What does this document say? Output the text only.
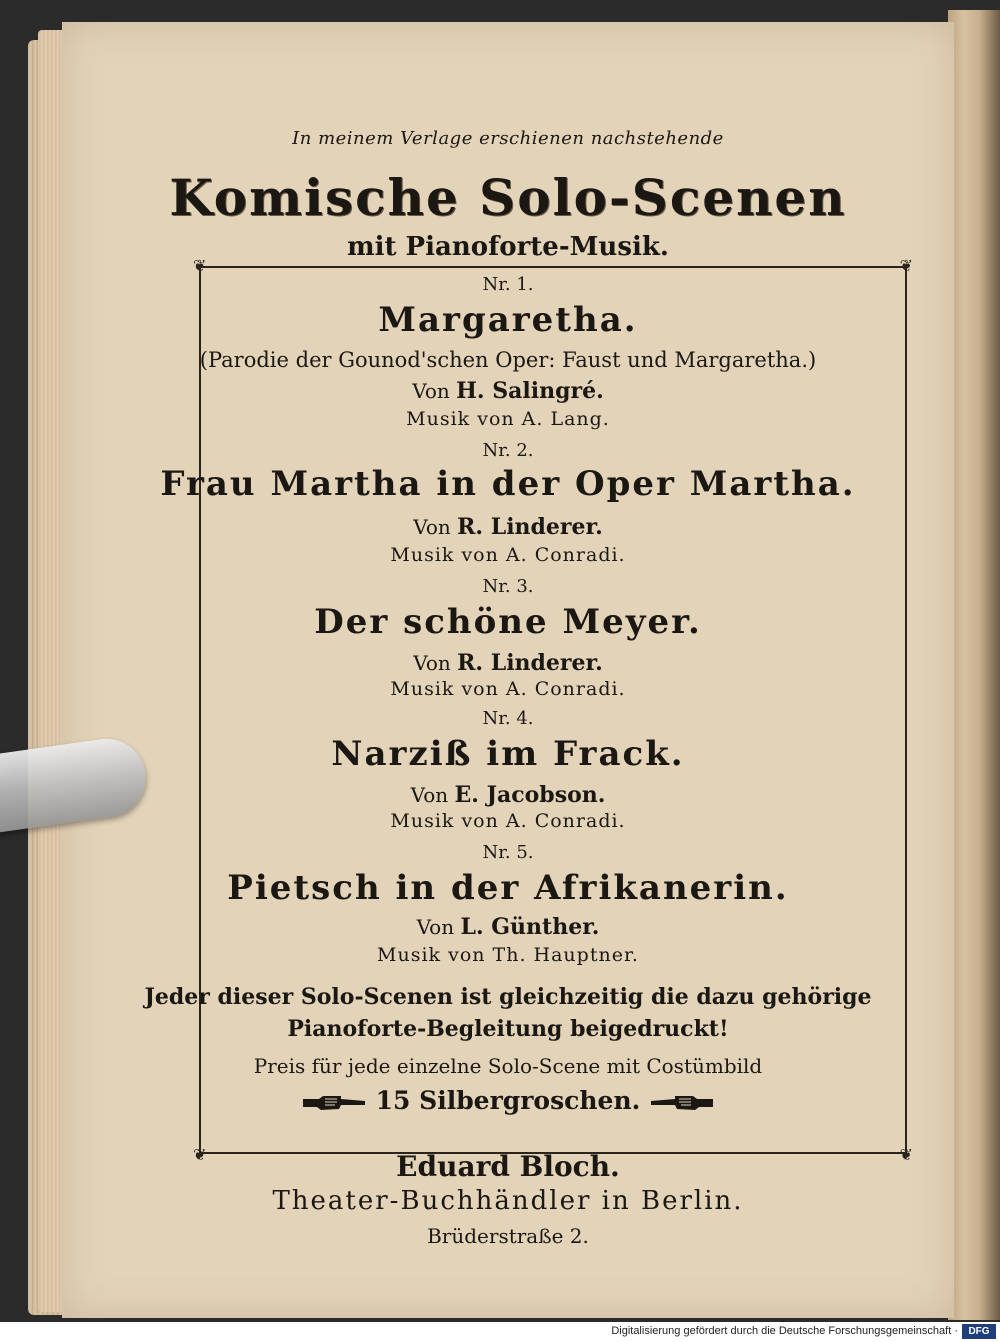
In meinem Verlage erschienen nachstehende
Komische Solo-Scenen
mit Pianoforte-Musik.
❦	❦
❦	❦
Nr. 1.
Margaretha.
(Parodie der Gounod'schen Oper: Faust und Margaretha.)
Von H. Salingré.
Musik von A. Lang.
Nr. 2.
Frau Martha in der Oper Martha.
Von R. Linderer.
Musik von A. Conradi.
Nr. 3.
Der schöne Meyer.
Von R. Linderer.
Musik von A. Conradi.
Nr. 4.
Narziß im Frack.
Von E. Jacobson.
Musik von A. Conradi.
Nr. 5.
Pietsch in der Afrikanerin.
Von L. Günther.
Musik von Th. Hauptner.
Jeder dieser Solo-Scenen ist gleichzeitig die dazu gehörige
Pianoforte-Begleitung beigedruckt!
Preis für jede einzelne Solo-Scene mit Costümbild
15 Silbergroschen.
Eduard Bloch.
Theater-Buchhändler in Berlin.
Brüderstraße 2.
Digitalisierung gefördert durch die Deutsche Forschungsgemeinschaft ·	DFG
